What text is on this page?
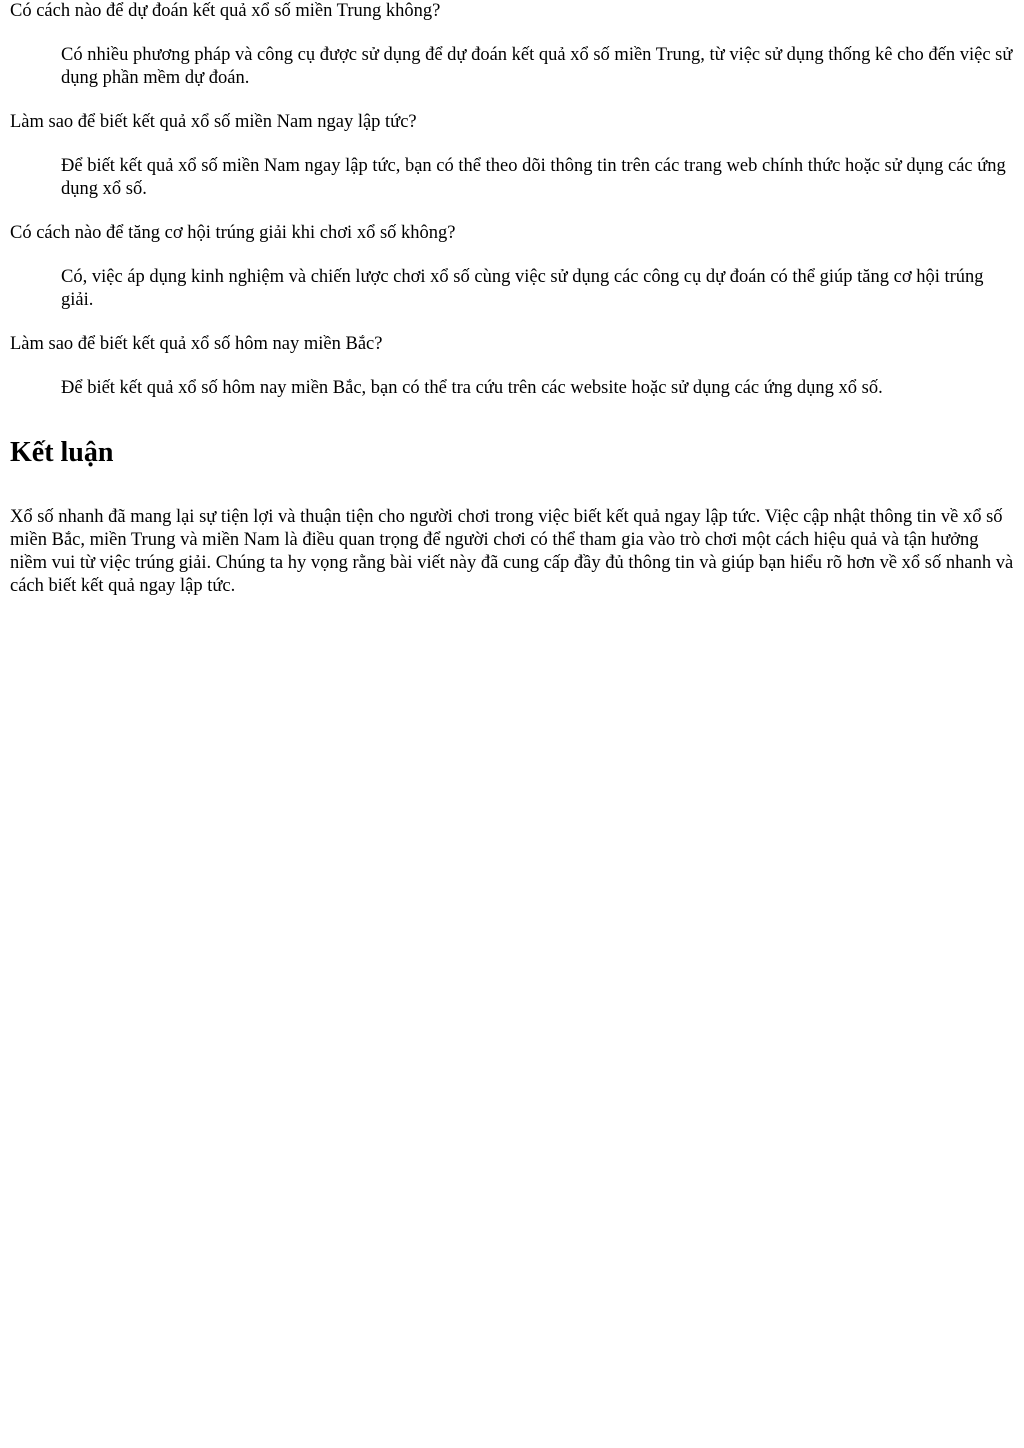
Có cách nào để dự đoán kết quả xổ số miền Trung không?
Có nhiều phương pháp và công cụ được sử dụng để dự đoán kết quả xổ số miền Trung, từ việc sử dụng thống kê cho đến việc sử dụng phần mềm dự đoán.
Làm sao để biết kết quả xổ số miền Nam ngay lập tức?
Để biết kết quả xổ số miền Nam ngay lập tức, bạn có thể theo dõi thông tin trên các trang web chính thức hoặc sử dụng các ứng dụng xổ số.
Có cách nào để tăng cơ hội trúng giải khi chơi xổ số không?
Có, việc áp dụng kinh nghiệm và chiến lược chơi xổ số cùng việc sử dụng các công cụ dự đoán có thể giúp tăng cơ hội trúng giải.
Làm sao để biết kết quả xổ số hôm nay miền Bắc?
Để biết kết quả xổ số hôm nay miền Bắc, bạn có thể tra cứu trên các website hoặc sử dụng các ứng dụng xổ số.
Kết luận

Xổ số nhanh đã mang lại sự tiện lợi và thuận tiện cho người chơi trong việc biết kết quả ngay lập tức. Việc cập nhật thông tin về xổ số miền Bắc, miền Trung và miền Nam là điều quan trọng để người chơi có thể tham gia vào trò chơi một cách hiệu quả và tận hưởng niềm vui từ việc trúng giải. Chúng ta hy vọng rằng bài viết này đã cung cấp đầy đủ thông tin và giúp bạn hiểu rõ hơn về xổ số nhanh và cách biết kết quả ngay lập tức.
